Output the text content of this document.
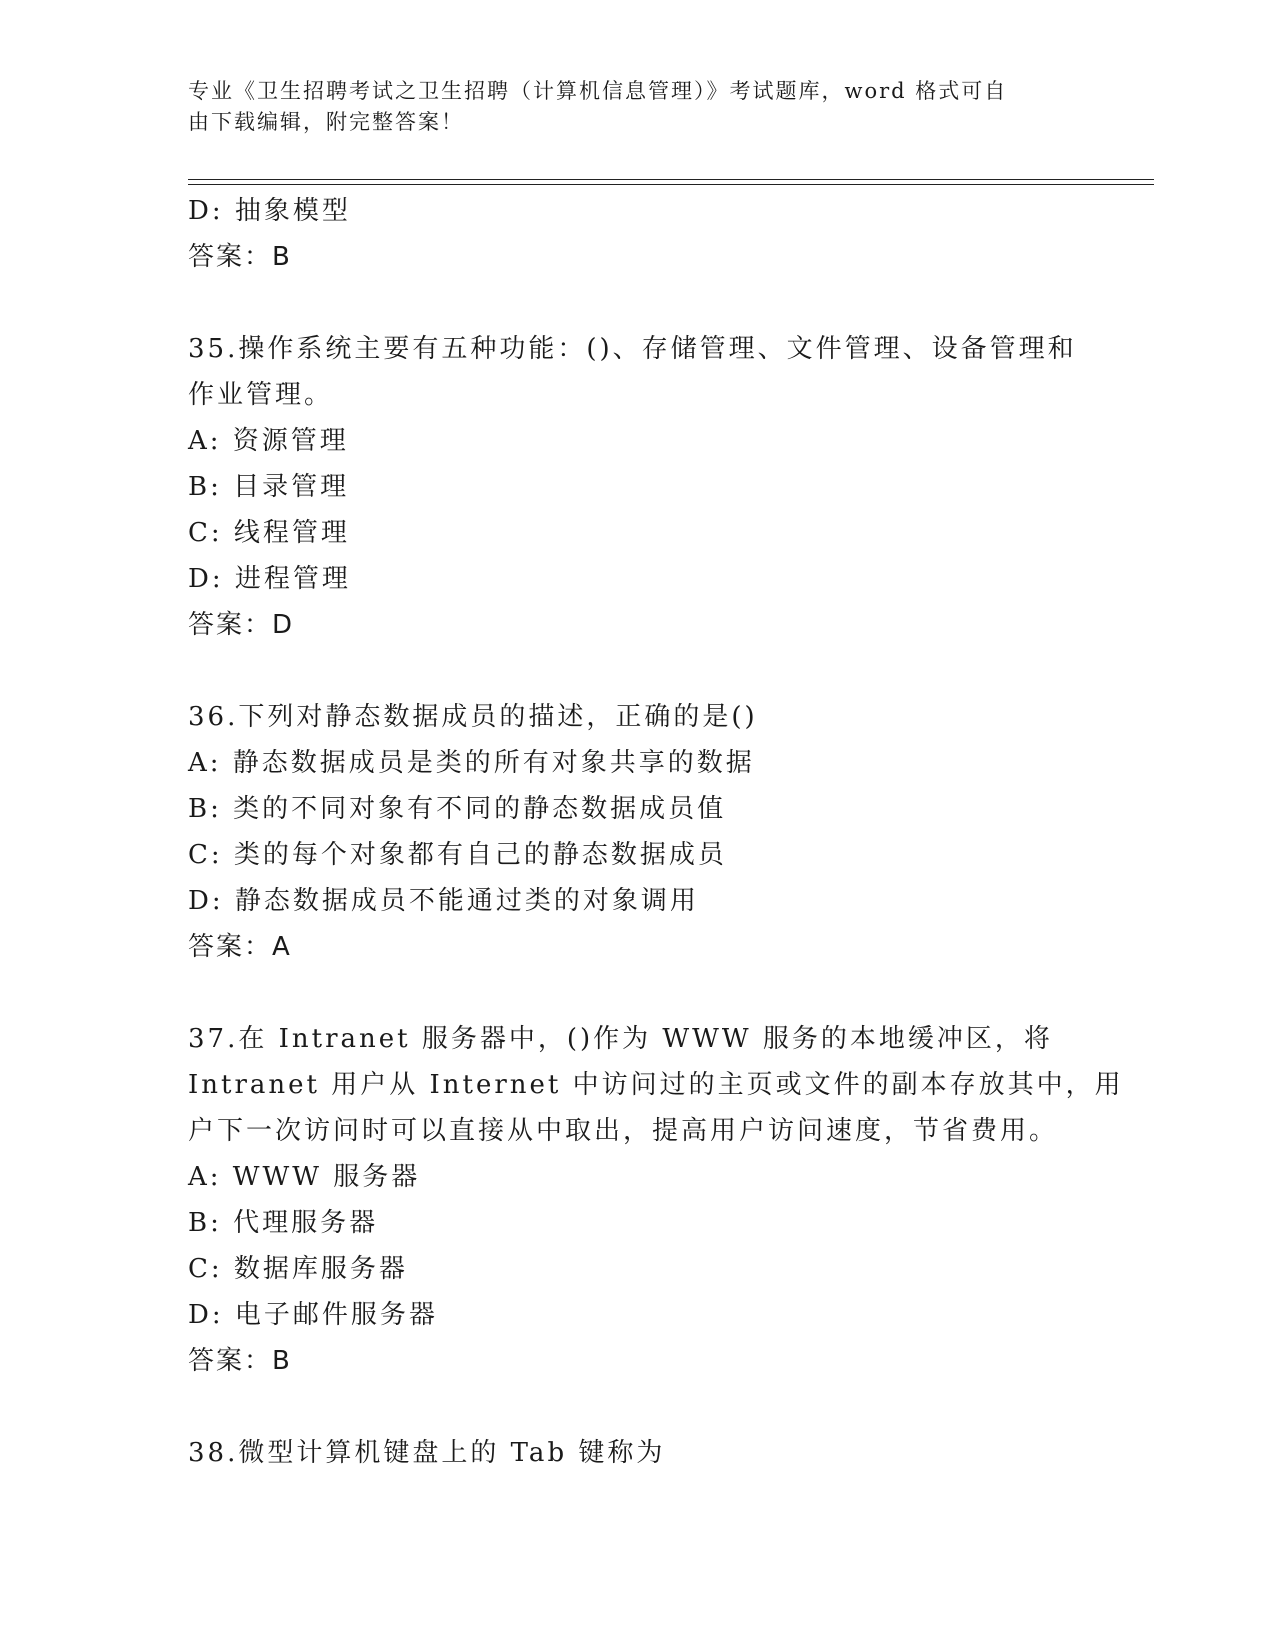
专业《卫生招聘考试之卫生招聘（计算机信息管理）》考试题库，word 格式可自
由下载编辑，附完整答案！
D: 抽象模型
答案：B
35.操作系统主要有五种功能：()、存储管理、文件管理、设备管理和
作业管理。
A: 资源管理
B: 目录管理
C: 线程管理
D: 进程管理
答案：D
36.下列对静态数据成员的描述，正确的是()
A: 静态数据成员是类的所有对象共享的数据
B: 类的不同对象有不同的静态数据成员值
C: 类的每个对象都有自己的静态数据成员
D: 静态数据成员不能通过类的对象调用
答案：A
37.在 Intranet 服务器中，()作为 WWW 服务的本地缓冲区，将
Intranet 用户从 Internet 中访问过的主页或文件的副本存放其中，用
户下一次访问时可以直接从中取出，提高用户访问速度，节省费用。
A: WWW 服务器
B: 代理服务器
C: 数据库服务器
D: 电子邮件服务器
答案：B
38.微型计算机键盘上的 Tab 键称为
